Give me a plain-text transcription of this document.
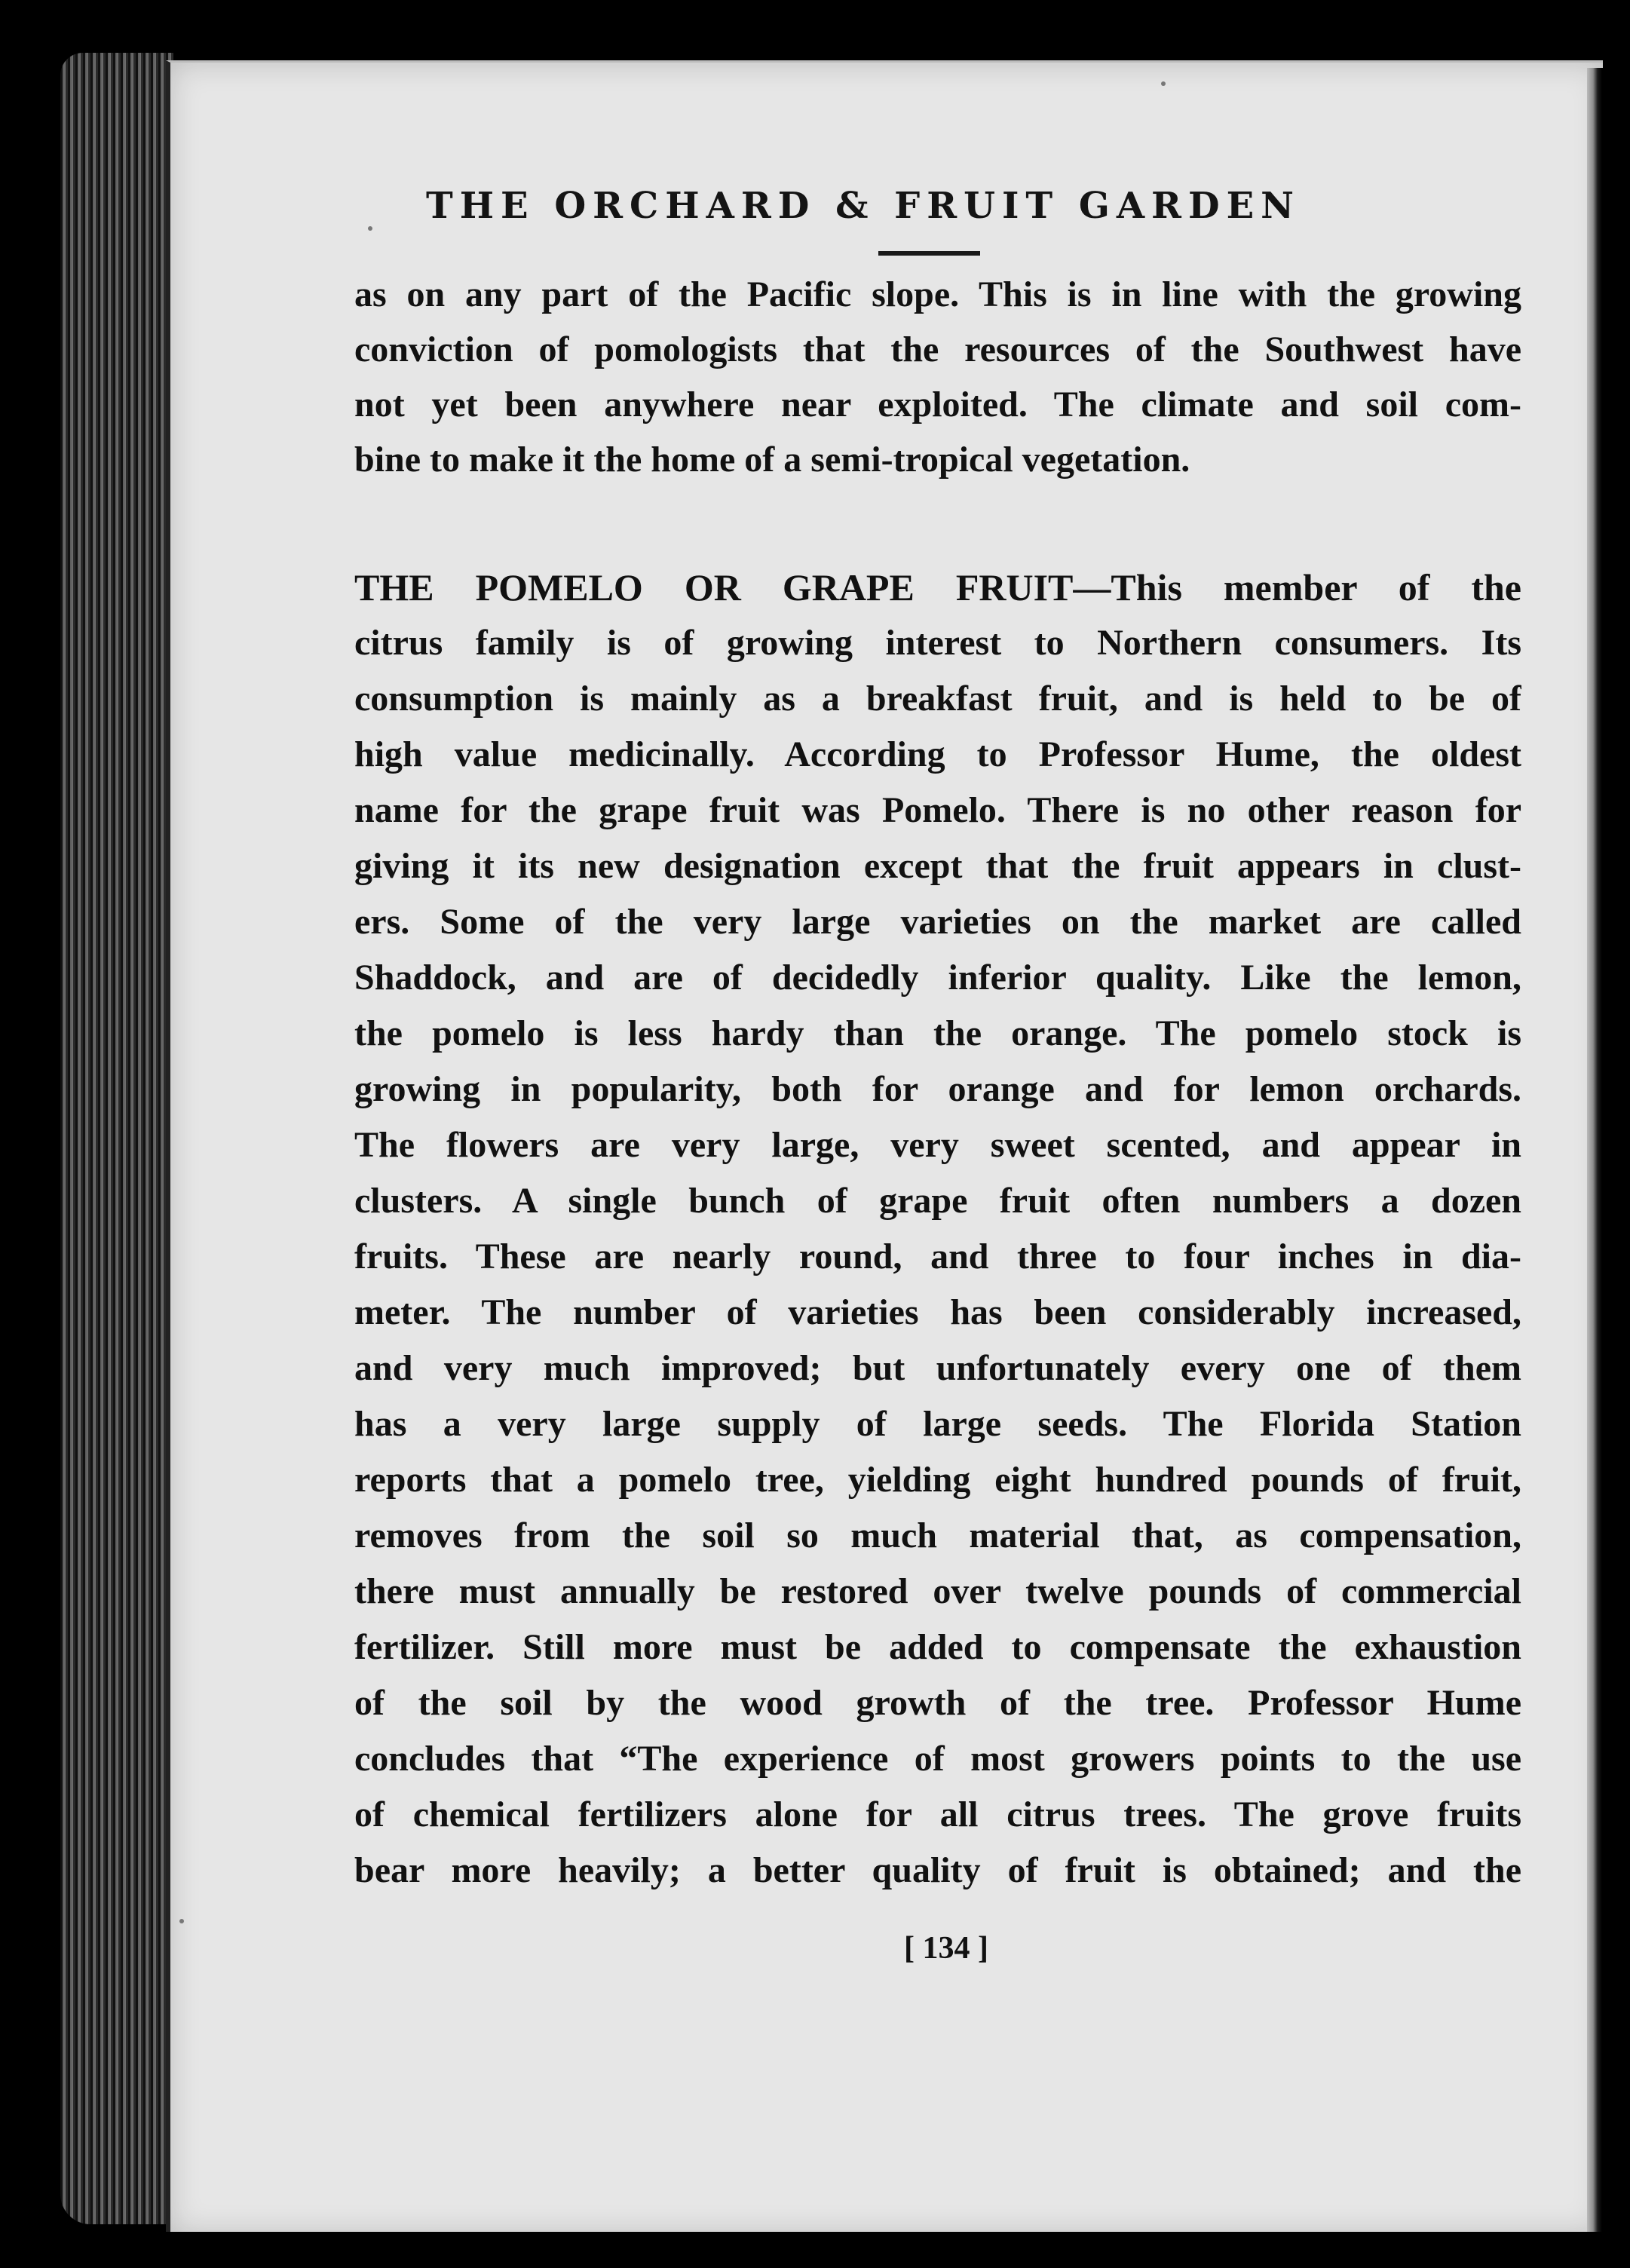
THE ORCHARD & FRUIT GARDEN
as on any part of the Pacific slope. This is in line with the growing
conviction of pomologists that the resources of the Southwest have
not yet been anywhere near exploited. The climate and soil com-
bine to make it the home of a semi-tropical vegetation.
THE POMELO OR GRAPE FRUIT—This member of the
citrus family is of growing interest to Northern consumers. Its
consumption is mainly as a breakfast fruit, and is held to be of
high value medicinally. According to Professor Hume, the oldest
name for the grape fruit was Pomelo. There is no other reason for
giving it its new designation except that the fruit appears in clust-
ers. Some of the very large varieties on the market are called
Shaddock, and are of decidedly inferior quality. Like the lemon,
the pomelo is less hardy than the orange. The pomelo stock is
growing in popularity, both for orange and for lemon orchards.
The flowers are very large, very sweet scented, and appear in
clusters. A single bunch of grape fruit often numbers a dozen
fruits. These are nearly round, and three to four inches in dia-
meter. The number of varieties has been considerably increased,
and very much improved; but unfortunately every one of them
has a very large supply of large seeds. The Florida Station
reports that a pomelo tree, yielding eight hundred pounds of fruit,
removes from the soil so much material that, as compensation,
there must annually be restored over twelve pounds of commercial
fertilizer. Still more must be added to compensate the exhaustion
of the soil by the wood growth of the tree. Professor Hume
concludes that “The experience of most growers points to the use
of chemical fertilizers alone for all citrus trees. The grove fruits
bear more heavily; a better quality of fruit is obtained; and the
[ 134 ]
